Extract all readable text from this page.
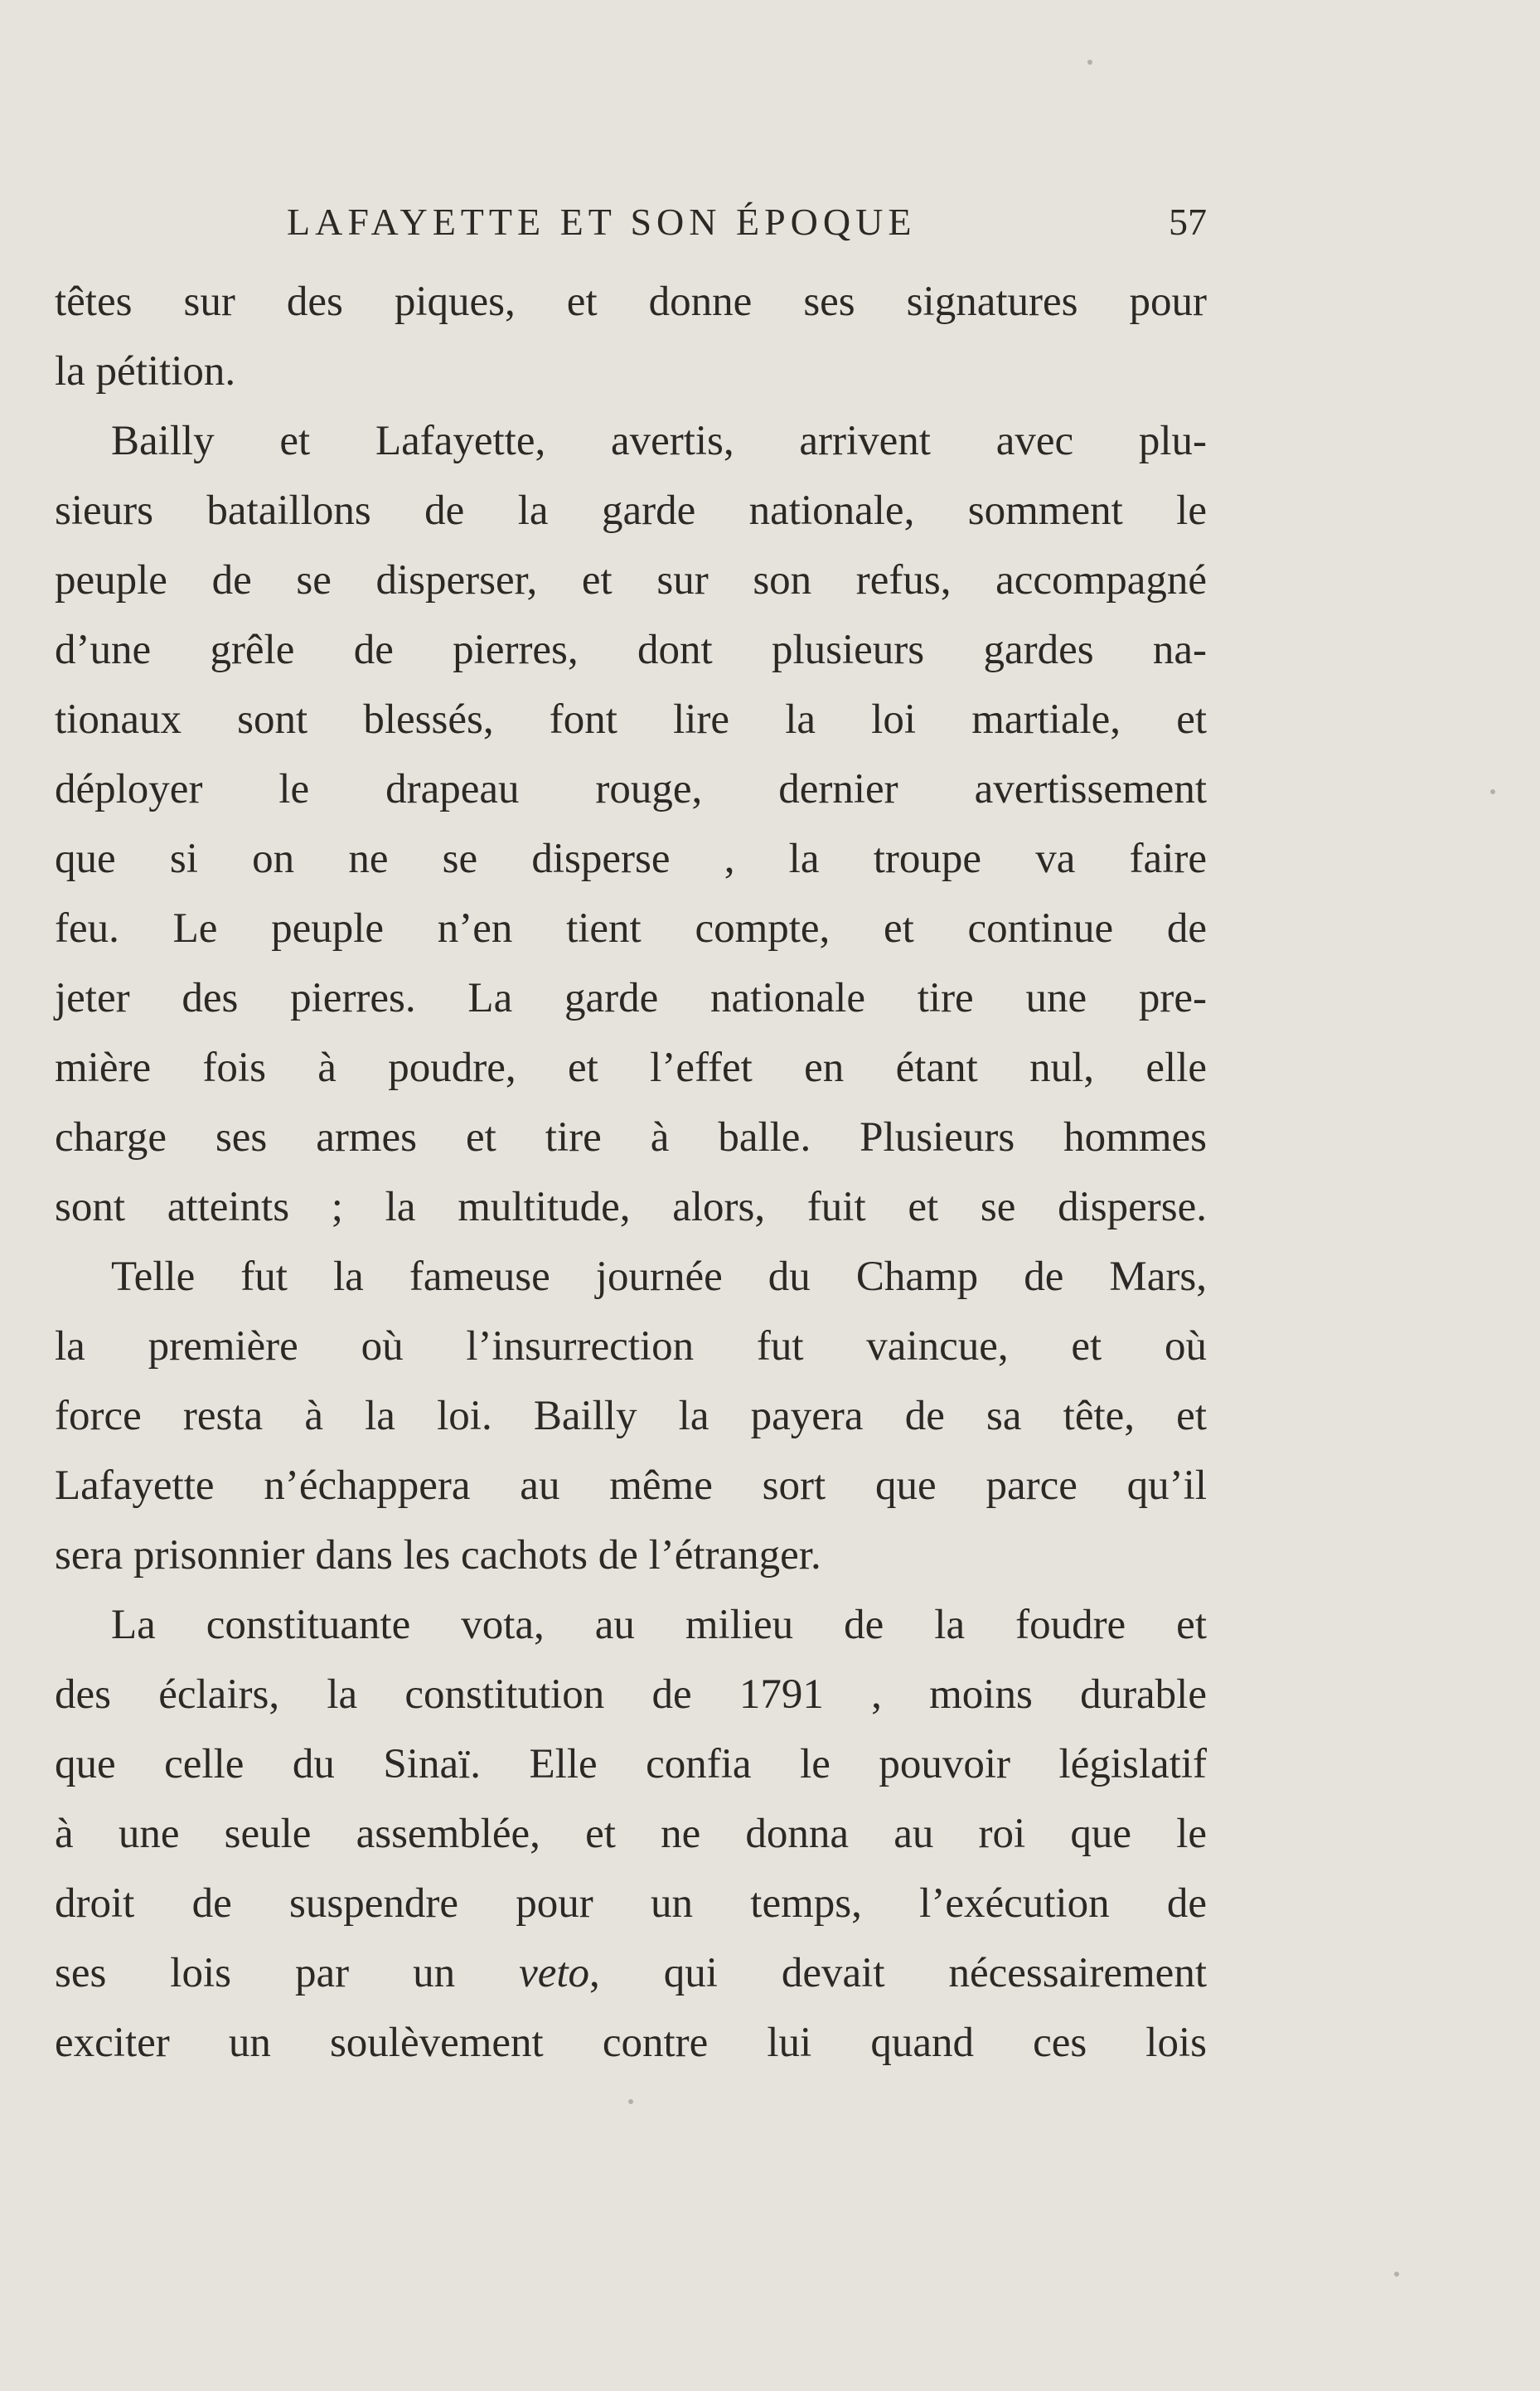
LAFAYETTE ET SON ÉPOQUE	57
têtes sur des piques, et donne ses signatures pour
la pétition.
Bailly et Lafayette, avertis, arrivent avec plu-
sieurs bataillons de la garde nationale, somment le
peuple de se disperser, et sur son refus, accompagné
d’une grêle de pierres, dont plusieurs gardes na-
tionaux sont blessés, font lire la loi martiale, et
déployer le drapeau rouge, dernier avertissement
que si on ne se disperse , la troupe va faire
feu. Le peuple n’en tient compte, et continue de
jeter des pierres. La garde nationale tire une pre-
mière fois à poudre, et l’effet en étant nul, elle
charge ses armes et tire à balle. Plusieurs hommes
sont atteints ; la multitude, alors, fuit et se disperse.
Telle fut la fameuse journée du Champ de Mars,
la première où l’insurrection fut vaincue, et où
force resta à la loi. Bailly la payera de sa tête, et
Lafayette n’échappera au même sort que parce qu’il
sera prisonnier dans les cachots de l’étranger.
La constituante vota, au milieu de la foudre et
des éclairs, la constitution de 1791 , moins durable
que celle du Sinaï. Elle confia le pouvoir législatif
à une seule assemblée, et ne donna au roi que le
droit de suspendre pour un temps, l’exécution de
ses lois par un veto, qui devait nécessairement
exciter un soulèvement contre lui quand ces lois
